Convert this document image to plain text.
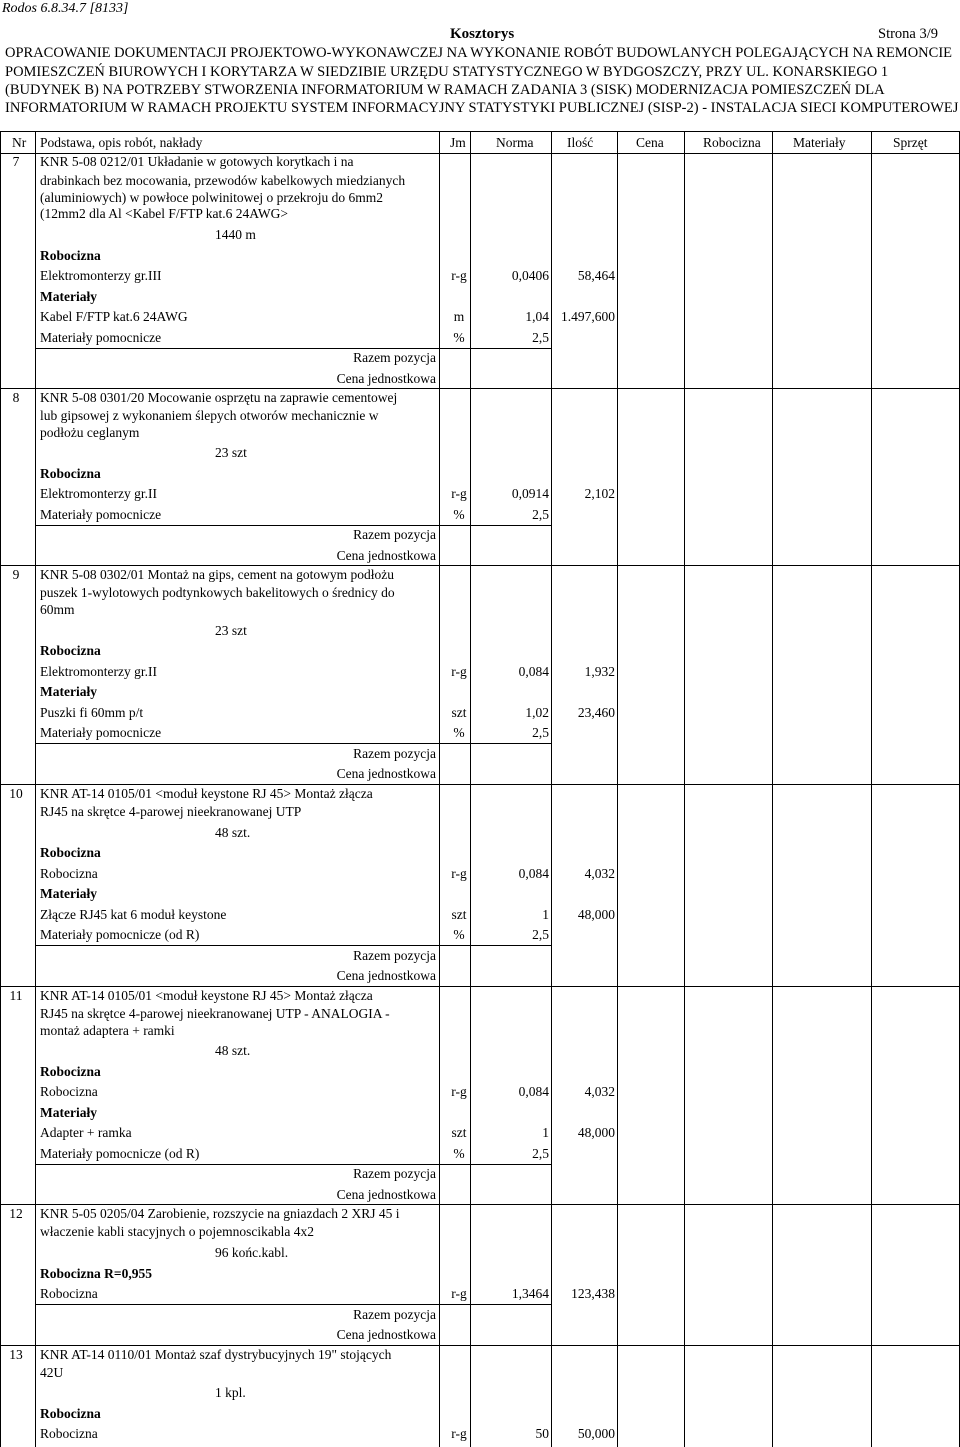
Rodos 6.8.34.7 [8133]
Kosztorys	Strona 3/9
OPRACOWANIE DOKUMENTACJI PROJEKTOWO-WYKONAWCZEJ NA WYKONANIE ROBÓT BUDOWLANYCH POLEGAJĄCYCH NA REMONCIE
POMIESZCZEŃ BIUROWYCH I KORYTARZA W SIEDZIBIE URZĘDU STATYSTYCZNEGO W BYDGOSZCZY, PRZY UL. KONARSKIEGO 1
(BUDYNEK B) NA POTRZEBY STWORZENIA INFORMATORIUM W RAMACH ZADANIA 3 (SISK) MODERNIZACJA POMIESZCZEŃ DLA
INFORMATORIUM W RAMACH PROJEKTU SYSTEM INFORMACYJNY STATYSTYKI PUBLICZNEJ (SISP-2) - INSTALACJA SIECI KOMPUTEROWEJ
Nr Podstawa, opis robót, nakłady	Jm Norma Ilość	Cena	Robocizna Materiały	Sprzęt
7	KNR 5-08 0212/01 Układanie w gotowych korytkach i na
drabinkach bez mocowania, przewodów kabelkowych miedzianych
(aluminiowych) w powłoce polwinitowej o przekroju do 6mm2
(12mm2 dla Al <Kabel F/FTP kat.6 24AWG>
1440 m
Robocizna
Elektromonterzy gr.III	r-g	0,0406	58,464
Materiały
Kabel F/FTP kat.6 24AWG	m	1,04 1.497,600
Materiały pomocnicze	%	2,5
Razem pozycja
Cena jednostkowa
8	KNR 5-08 0301/20 Mocowanie osprzętu na zaprawie cementowej
lub gipsowej z wykonaniem ślepych otworów mechanicznie w
podłożu ceglanym
23 szt
Robocizna
Elektromonterzy gr.II	r-g	0,0914	2,102
Materiały pomocnicze	%	2,5
Razem pozycja
Cena jednostkowa
9	KNR 5-08 0302/01 Montaż na gips, cement na gotowym podłożu
puszek 1-wylotowych podtynkowych bakelitowych o średnicy do
60mm
23 szt
Robocizna
Elektromonterzy gr.II	r-g	0,084	1,932
Materiały
Puszki fi 60mm p/t	szt	1,02	23,460
Materiały pomocnicze	%	2,5
Razem pozycja
Cena jednostkowa
10	KNR AT-14 0105/01 <moduł keystone RJ 45> Montaż złącza
RJ45 na skrętce 4-parowej nieekranowanej UTP
48 szt.
Robocizna
Robocizna	r-g	0,084	4,032
Materiały
Złącze RJ45 kat 6 moduł keystone	szt	1	48,000
Materiały pomocnicze (od R)	%	2,5
Razem pozycja
Cena jednostkowa
11	KNR AT-14 0105/01 <moduł keystone RJ 45> Montaż złącza
RJ45 na skrętce 4-parowej nieekranowanej UTP - ANALOGIA -
montaż adaptera + ramki
48 szt.
Robocizna
Robocizna	r-g	0,084	4,032
Materiały
Adapter + ramka	szt	1	48,000
Materiały pomocnicze (od R)	%	2,5
Razem pozycja
Cena jednostkowa
12	KNR 5-05 0205/04 Zarobienie, rozszycie na gniazdach 2 XRJ 45 i
właczenie kabli stacyjnych o pojemnoscikabla 4x2
96 końc.kabl.
Robocizna R=0,955
Robocizna	r-g	1,3464	123,438
Razem pozycja
Cena jednostkowa
13	KNR AT-14 0110/01 Montaż szaf dystrybucyjnych 19" stojących
42U
1 kpl.
Robocizna
Robocizna	r-g	50	50,000
